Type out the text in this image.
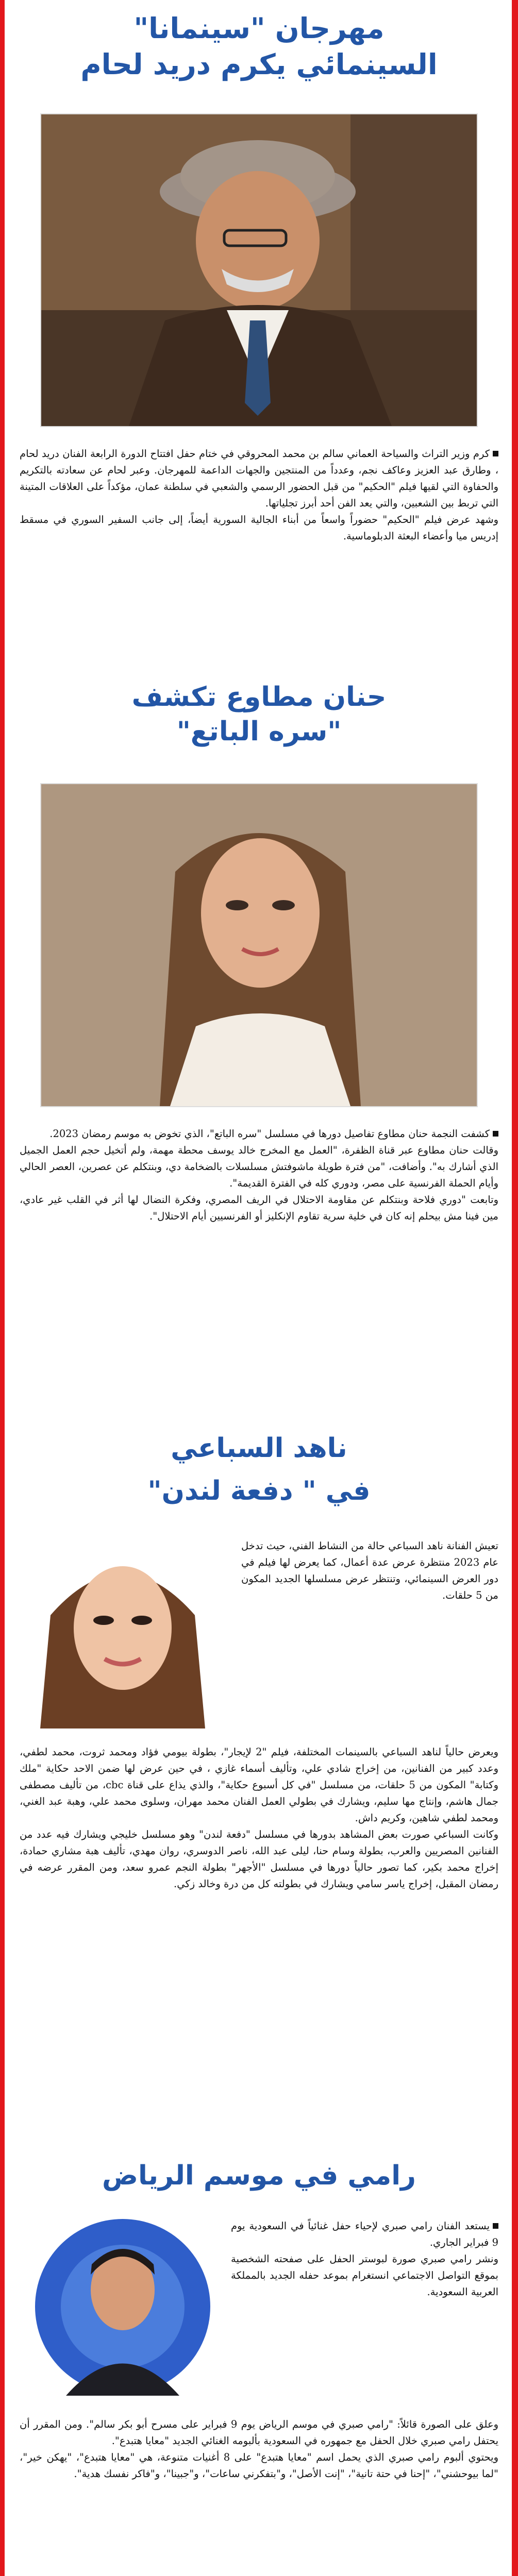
مهرجان "سينمانا"
السينمائي يكرم دريد لحام

كرم وزير التراث والسياحة العماني سالم بن محمد المحروقي في ختام حفل افتتاح الدورة الرابعة الفنان دريد لحام ، وطارق عبد العزيز وعاكف نجم، وعدداً من المنتجين والجهات الداعمة للمهرجان. وعبر لحام عن سعادته بالتكريم والحفاوة التي لقيها فيلم "الحكيم" من قبل الحضور الرسمي والشعبي في سلطنة عمان، مؤكداً على العلاقات المتينة التي تربط بين الشعبين، والتي يعد الفن أحد أبرز تجلياتها.

وشهد عرض فيلم "الحكيم" حضوراً واسعاً من أبناء الجالية السورية أيضاً، إلى جانب السفير السوري في مسقط إدريس ميا وأعضاء البعثة الدبلوماسية.

حنان مطاوع تكشف
"سره الباتع"

كشفت النجمة حنان مطاوع تفاصيل دورها في مسلسل "سره الباتع"، الذي تخوض به موسم رمضان 2023.

وقالت حنان مطاوع عبر قناة الظفرة، "العمل مع المخرج خالد يوسف محطة مهمة، ولم أتخيل حجم العمل الجميل الذي أشارك به". وأضافت، "من فترة طويلة ماشوفتش مسلسلات بالضخامة دي، وبنتكلم عن عصرين، العصر الحالي وأيام الحملة الفرنسية على مصر، ودوري كله في الفترة القديمة".

وتابعت "دوري فلاحة وبنتكلم عن مقاومة الاحتلال في الريف المصري، وفكرة النضال لها أثر في القلب غير عادي، مين فينا مش بيحلم إنه كان في خلية سرية تقاوم الإنكليز أو الفرنسيين أيام الاحتلال".

ناهد السباعي
في " دفعة لندن"

تعيش الفنانة ناهد السباعي حالة من النشاط الفني، حيث تدخل عام 2023 منتظرة عرض عدة أعمال، كما يعرض لها فيلم في دور العرض السينمائي، وتنتظر عرض مسلسلها الجديد المكون من 5 حلقات.

ويعرض حالياً لناهد السباعي بالسينمات المختلفة، فيلم "2 لإيجار"، بطولة بيومي فؤاد ومحمد ثروت، محمد لطفي، وعدد كبير من الفنانين، من إخراج شادي علي، وتأليف أسماء غازي ، في حين عرض لها ضمن الاحد حكاية "ملك وكتابة" المكون من 5 حلقات، من مسلسل "في كل أسبوع حكاية"، والذي يذاع على قناة cbc، من تأليف مصطفى جمال هاشم، وإنتاج مها سليم، ويشارك في بطولي العمل الفنان محمد مهران، وسلوى محمد علي، وهبة عبد الغني، ومحمد لطفي شاهين، وكريم داش.

وكانت السباعي صورت بعض المشاهد بدورها في مسلسل "دفعة لندن" وهو مسلسل خليجي ويشارك فيه عدد من الفنانين المصريين والعرب، بطولة وسام حنا، ليلى عبد الله، ناصر الدوسري، روان مهدي، تأليف هبة مشاري حمادة، إخراج محمد بكير، كما تصور حالياً دورها في مسلسل "الأجهر" بطولة النجم عمرو سعد، ومن المقرر عرضه في رمضان المقبل، إخراج ياسر سامي ويشارك في بطولته كل من درة وخالد زكي.

رامي في موسم الرياض

يستعد الفنان رامي صبري لإحياء حفل غنائياً في السعودية يوم 9 فبراير الجاري.

ونشر رامي صبري صورة لبوستر الحفل على صفحته الشخصية بموقع التواصل الاجتماعي انستغرام بموعد حفله الجديد بالمملكة العربية السعودية.

وعلق على الصورة قائلاً: "رامي صبري في موسم الرياض يوم 9 فبراير على مسرح أبو بكر سالم". ومن المقرر أن يحتفل رامي صبري خلال الحفل مع جمهوره في السعودية بألبومه الغنائي الجديد "معايا هتبدع".

ويحتوي ألبوم رامي صبري الذي يحمل اسم "معايا هتبدع" على 8 أغنيات متنوعة، هي "معايا هتبدع"، "يهكن خير"، "لما بيوحشني"، "إحنا في حتة تانية"، "إنت الأصل"، و"بتفكرني ساعات"، و"جبينا"، و"فاكر نفسك هدية".
